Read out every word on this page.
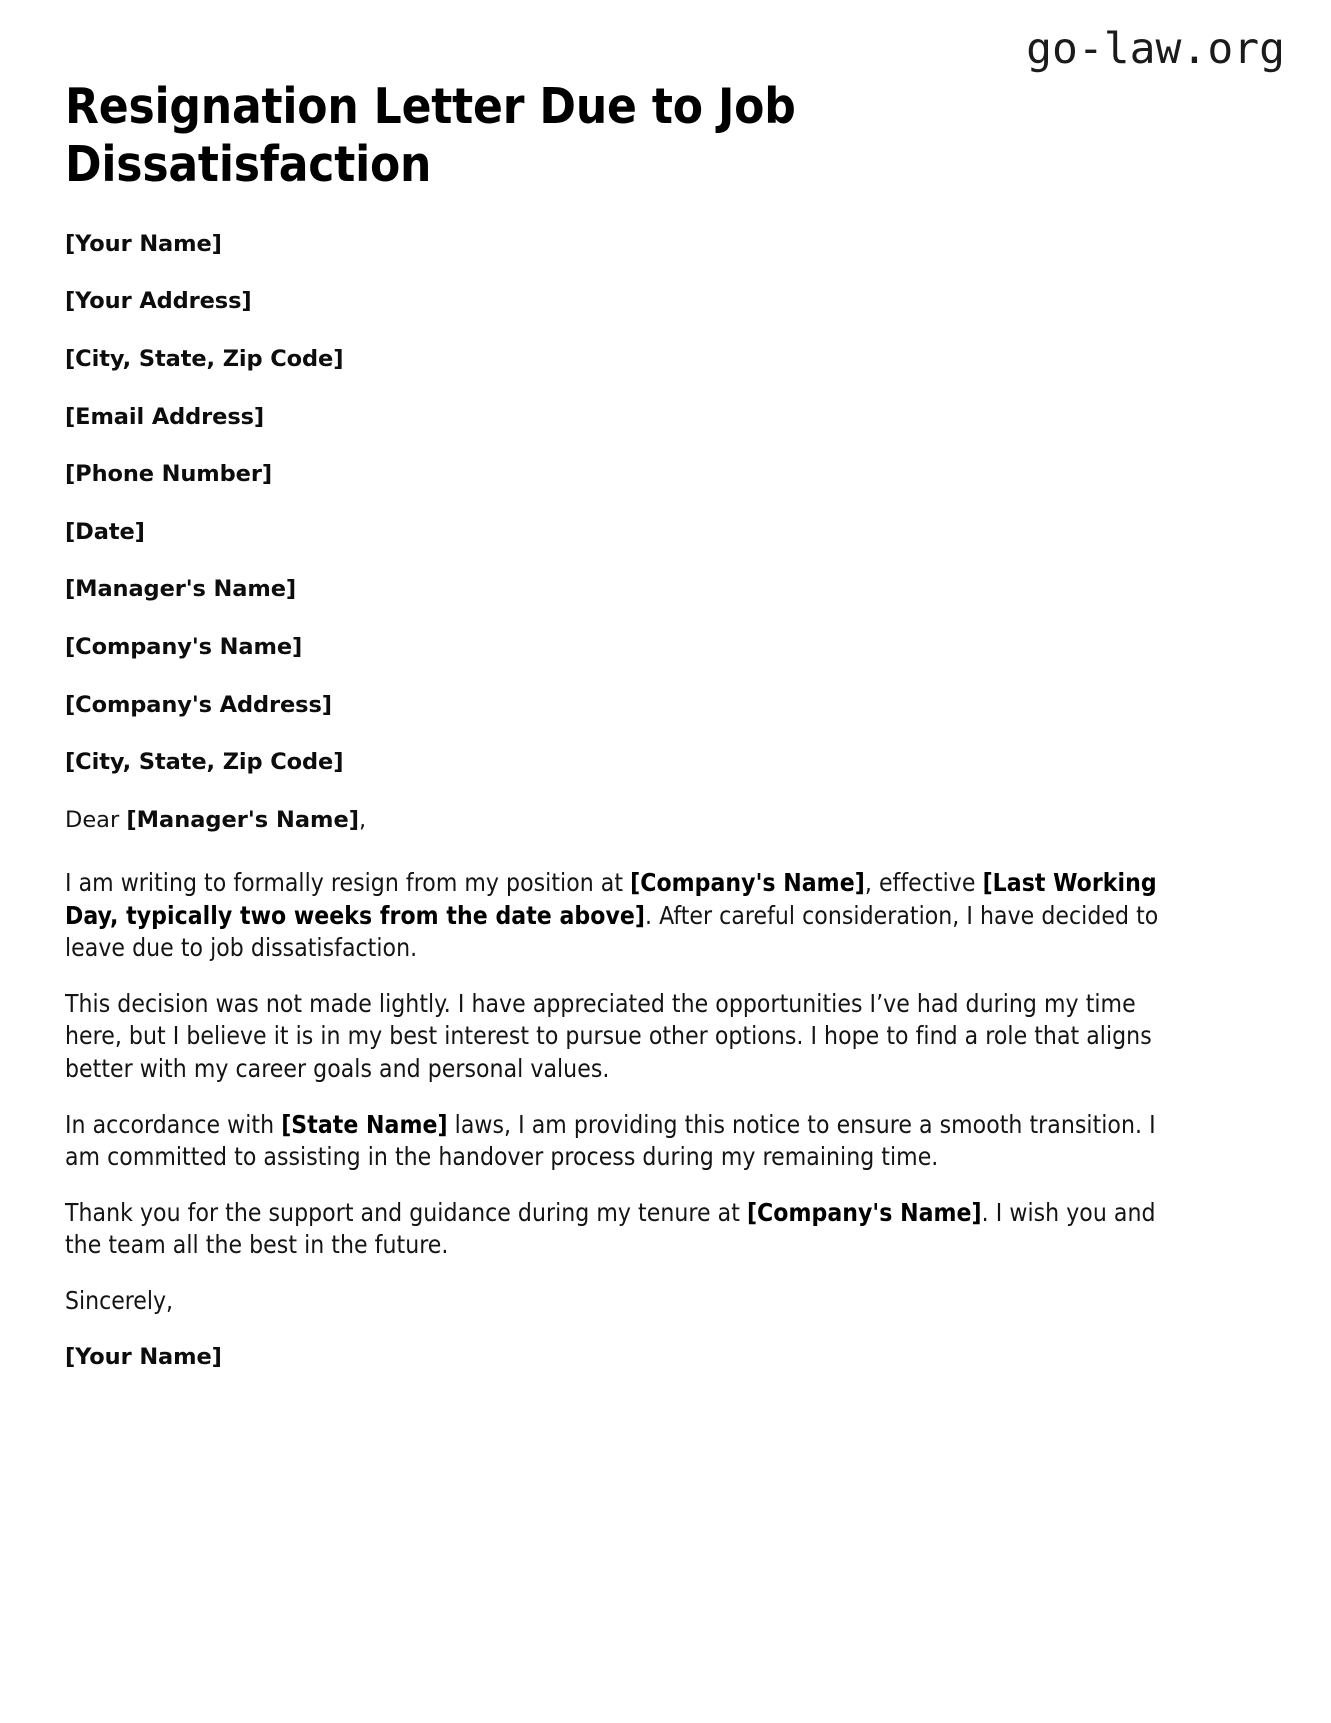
go-law.org
Resignation Letter Due to Job Dissatisfaction

[Your Name]

[Your Address]

[City, State, Zip Code]

[Email Address]

[Phone Number]

[Date]

[Manager's Name]

[Company's Name]

[Company's Address]

[City, State, Zip Code]

Dear [Manager's Name],

I am writing to formally resign from my position at [Company's Name], effective [Last Working Day, typically two weeks from the date above]. After careful consideration, I have decided to leave due to job dissatisfaction.

This decision was not made lightly. I have appreciated the opportunities I’ve had during my time here, but I believe it is in my best interest to pursue other options. I hope to find a role that aligns better with my career goals and personal values.

In accordance with [State Name] laws, I am providing this notice to ensure a smooth transition. I am committed to assisting in the handover process during my remaining time.

Thank you for the support and guidance during my tenure at [Company's Name]. I wish you and the team all the best in the future.

Sincerely,

[Your Name]
